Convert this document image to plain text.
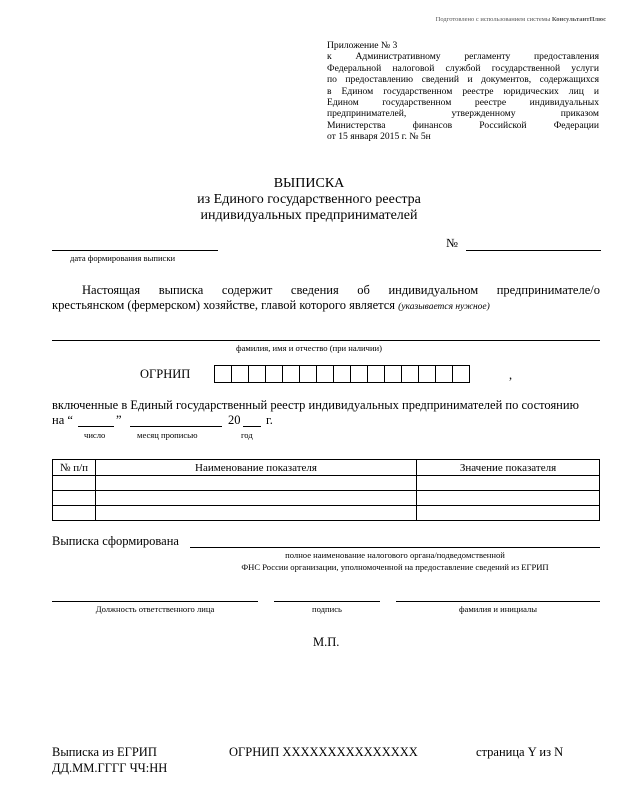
Подготовлено с использованием системы КонсультантПлюс
Приложение № 3
к Административному регламенту предоставления
Федеральной налоговой службой государственной услуги
по предоставлению сведений и документов, содержащихся
в Едином государственном реестре юридических лиц и
Едином государственном реестре индивидуальных
предпринимателей, утвержденному приказом
Министерства финансов Российской Федерации
от 15 января 2015 г. № 5н
ВЫПИСКА
из Единого государственного реестра
индивидуальных предпринимателей
дата формирования выписки
№
Настоящая выписка содержит сведения об индивидуальном предпринимателе/о
крестьянском (фермерском) хозяйстве, главой которого является (указывается нужное)
фамилия, имя и отчество (при наличии)
ОГРНИП	,
включенные в Единый государственный реестр индивидуальных предпринимателей по состоянию
на “	”	20 г.
число	месяц прописью	год
№ п/п	Наименование показателя	Значение показателя

Выписка сформирована
полное наименование налогового органа/подведомственной
ФНС России организации, уполномоченной на предоставление сведений из ЕГРИП
Должность ответственного лица	подпись	фамилия и инициалы
М.П.
Выписка из ЕГРИП
ДД.ММ.ГГГГ ЧЧ:НН
ОГРНИП XXXXXXXXXXXXXXX	страница Y из N
